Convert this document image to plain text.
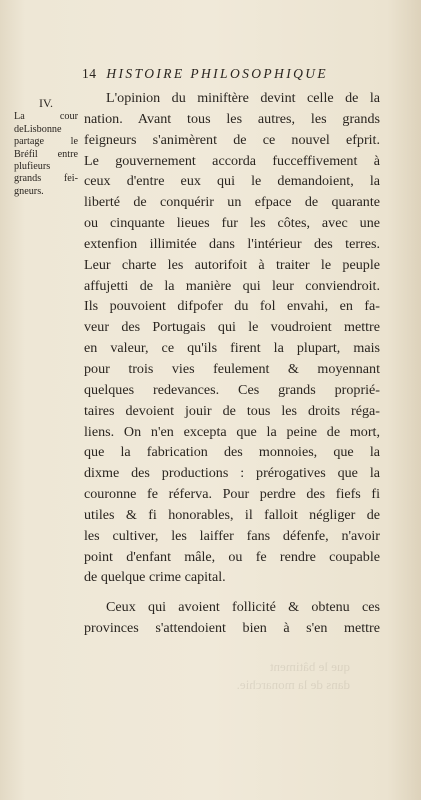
que le bâtiment
dans de la monarchie.
14 HISTOIRE PHILOSOPHIQUE
IV.
La cour
deLisbonne
partage le
Bréfil entre
plufieurs
grands fei-
gneurs.
L'opinion du miniftère devint celle de la
nation. Avant tous les autres, les grands
feigneurs s'animèrent de ce nouvel efprit.
Le gouvernement accorda fucceffivement à
ceux d'entre eux qui le demandoient, la
liberté de conquérir un efpace de quarante
ou cinquante lieues fur les côtes, avec une
extenfion illimitée dans l'intérieur des terres.
Leur charte les autorifoit à traiter le peuple
affujetti de la manière qui leur conviendroit.
Ils pouvoient difpofer du fol envahi, en fa-
veur des Portugais qui le voudroient mettre
en valeur, ce qu'ils firent la plupart, mais
pour trois vies feulement & moyennant
quelques redevances. Ces grands proprié-
taires devoient jouir de tous les droits réga-
liens. On n'en excepta que la peine de mort,
que la fabrication des monnoies, que la
dixme des productions : prérogatives que la
couronne fe réferva. Pour perdre des fiefs fi
utiles & fi honorables, il falloit négliger de
les cultiver, les laiffer fans défenfe, n'avoir
point d'enfant mâle, ou fe rendre coupable
de quelque crime capital.
Ceux qui avoient follicité & obtenu ces
provinces s'attendoient bien à s'en mettre
